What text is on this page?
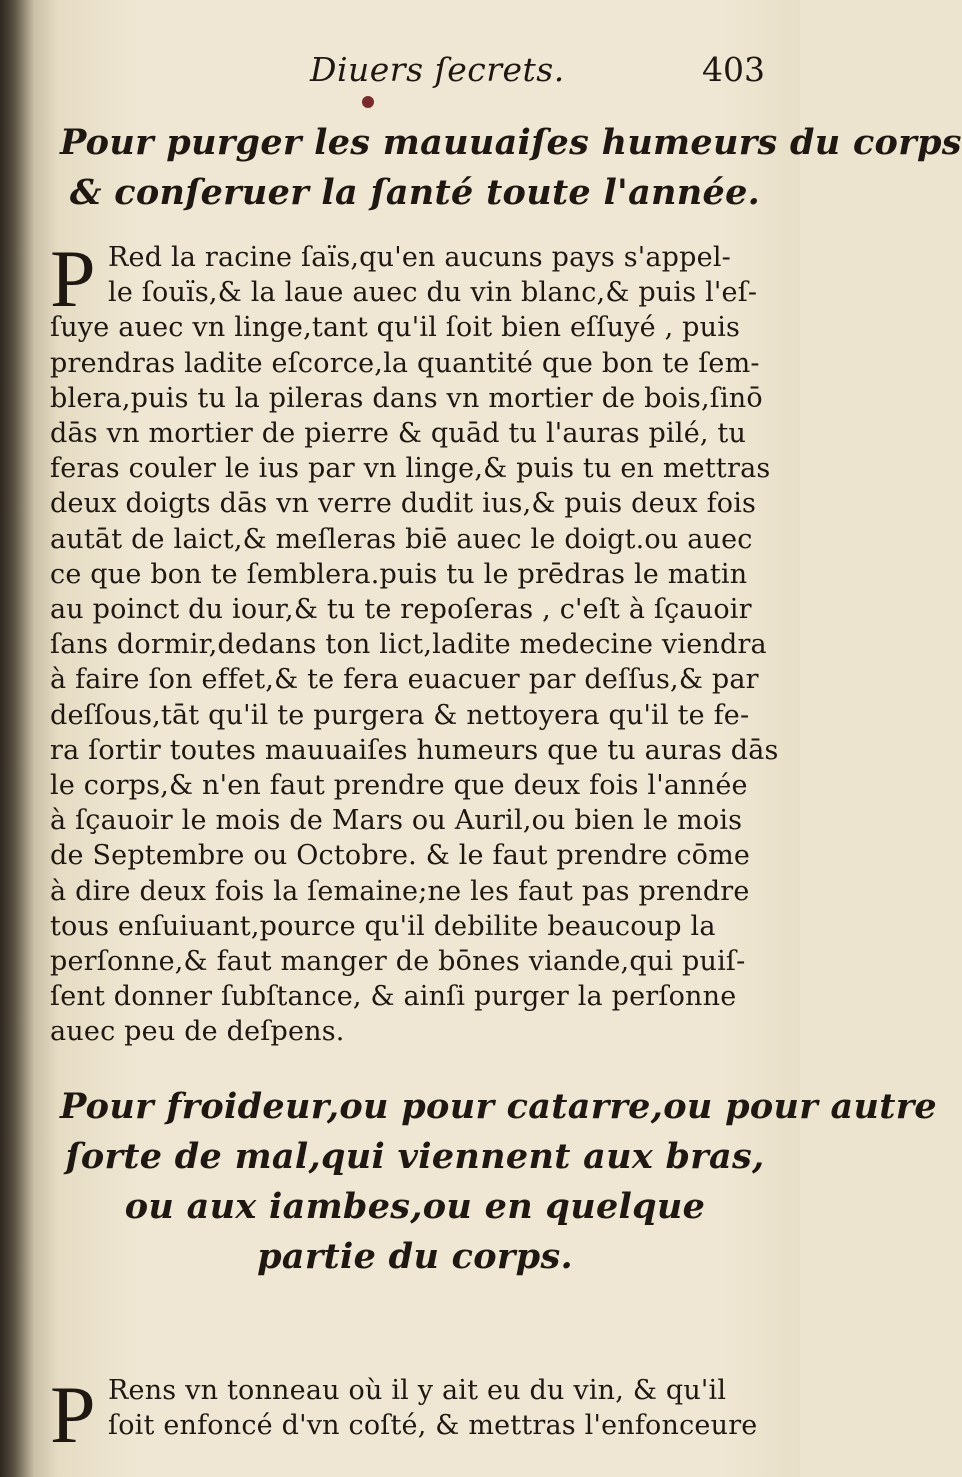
Diuers ſecrets.	403
Pour purger les mauuaiſes humeurs du corps
& conſeruer la ſanté toute l'année.
P Red la racine ſaïs,qu'en aucuns pays s'appel-
le ſouïs,& la laue auec du vin blanc,& puis l'eſ-
ſuye auec vn linge,tant qu'il ſoit bien eſſuyé , puis
prendras ladite eſcorce,la quantité que bon te ſem-
blera,puis tu la pileras dans vn mortier de bois,ſinō
dās vn mortier de pierre & quād tu l'auras pilé, tu
feras couler le ius par vn linge,& puis tu en mettras
deux doigts dās vn verre dudit ius,& puis deux fois
autāt de laict,& meſleras biē auec le doigt.ou auec
ce que bon te ſemblera.puis tu le prēdras le matin
au poinct du iour,& tu te repoſeras , c'eſt à ſçauoir
ſans dormir,dedans ton lict,ladite medecine viendra
à faire ſon effet,& te fera euacuer par deſſus,& par
deſſous,tāt qu'il te purgera & nettoyera qu'il te fe-
ra ſortir toutes mauuaiſes humeurs que tu auras dās
le corps,& n'en faut prendre que deux fois l'année
à ſçauoir le mois de Mars ou Auril,ou bien le mois
de Septembre ou Octobre. & le faut prendre cōme
à dire deux fois la ſemaine;ne les faut pas prendre
tous enſuiuant,pource qu'il debilite beaucoup la
perſonne,& faut manger de bōnes viande,qui puiſ-
ſent donner ſubſtance, & ainſi purger la perſonne
auec peu de deſpens.
Pour froideur,ou pour catarre,ou pour autre
ſorte de mal,qui viennent aux bras,
ou aux iambes,ou en quelque
partie du corps.
P Rens vn tonneau où il y ait eu du vin, & qu'il
ſoit enfoncé d'vn coſté, & mettras l'enfonceure
